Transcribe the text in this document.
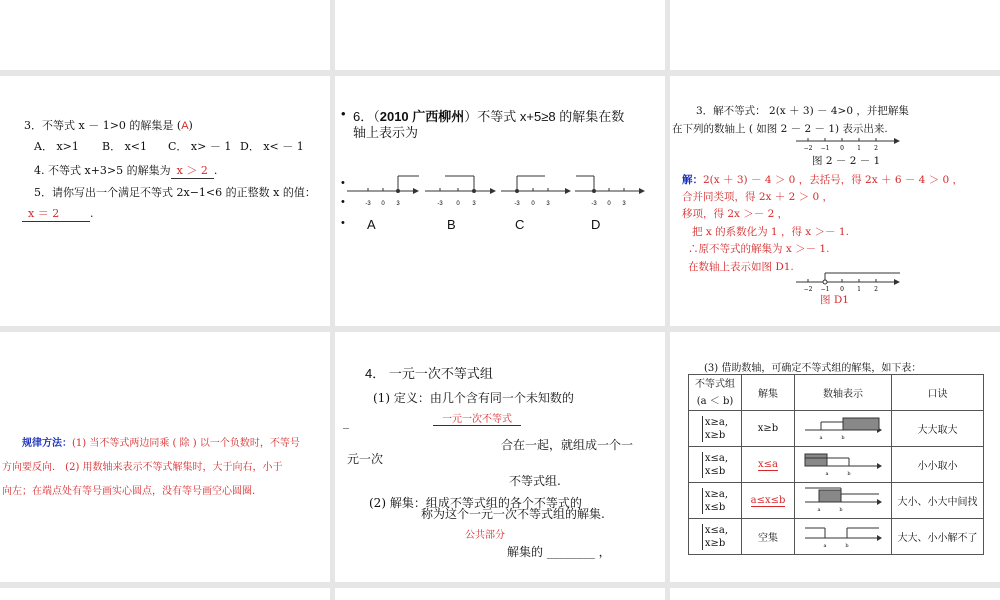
3．不等式 x － 1>0 的解集是 (A)
A． x>1 B． x<1 C． x> － 1 D． x< － 1
4. 不等式 x+3>5 的解集为 x ＞ 2 .
5．请你写出一个满足不等式 2x−1<6 的正整数 x 的值：
x ＝ 2	.
• 6．（2010 广西柳州）不等式 x+5≥8 的解集在数
轴上表示为
•
•
•
-3 0 3	-3 0 3	-3 0 3	-3 0 3
A	B	C	D
3．解不等式： 2(x ＋ 3) － 4>0 ，并把解集
在下列的数轴上 ( 如图 2 － 2 － 1) 表示出来.
−2 −1 0 1 2
图 2 － 2 － 1
解：2(x ＋ 3) － 4 ＞ 0 ，去括号，得 2x ＋ 6 － 4 ＞ 0 ，
合并同类项，得 2x ＋ 2 ＞ 0 ，
移项，得 2x ＞－ 2 ，
把 x 的系数化为 1 ，得 x ＞－ 1.
∴原不等式的解集为 x ＞－ 1.
在数轴上表示如图 D1.
−2 −1 0 1 2
图 D1
规律方法：(1) 当不等式两边同乘 ( 除 ) 以一个负数时，不等号
方向要反向． (2) 用数轴来表示不等式解集时，大于向右，小于
向左；在端点处有等号画实心圆点，没有等号画空心圆圈.
4． 一元一次不等式组
(1) 定义：由几个含有同一个未知数的
_	一元一次不等式
合在一起，就组成一个一
元一次
不等式组.
(2) 解集：组成不等式组的各个不等式的
称为这个一元一次不等式组的解集.
公共部分
解集的 ________ ，
(3) 借助数轴，可确定不等式组的解集，如下表：
不等式组
(a ＜ b)	解集	数轴表示	口诀
x≥a,
x≥b	x≥b	a b	大大取大
x≤a,
x≤b	x≤a	a b	小小取小
x≥a,
x≤b	a≤x≤b	a b	大小、小大中间找
x≤a,
x≥b	空集	a b	大大、小小解不了
